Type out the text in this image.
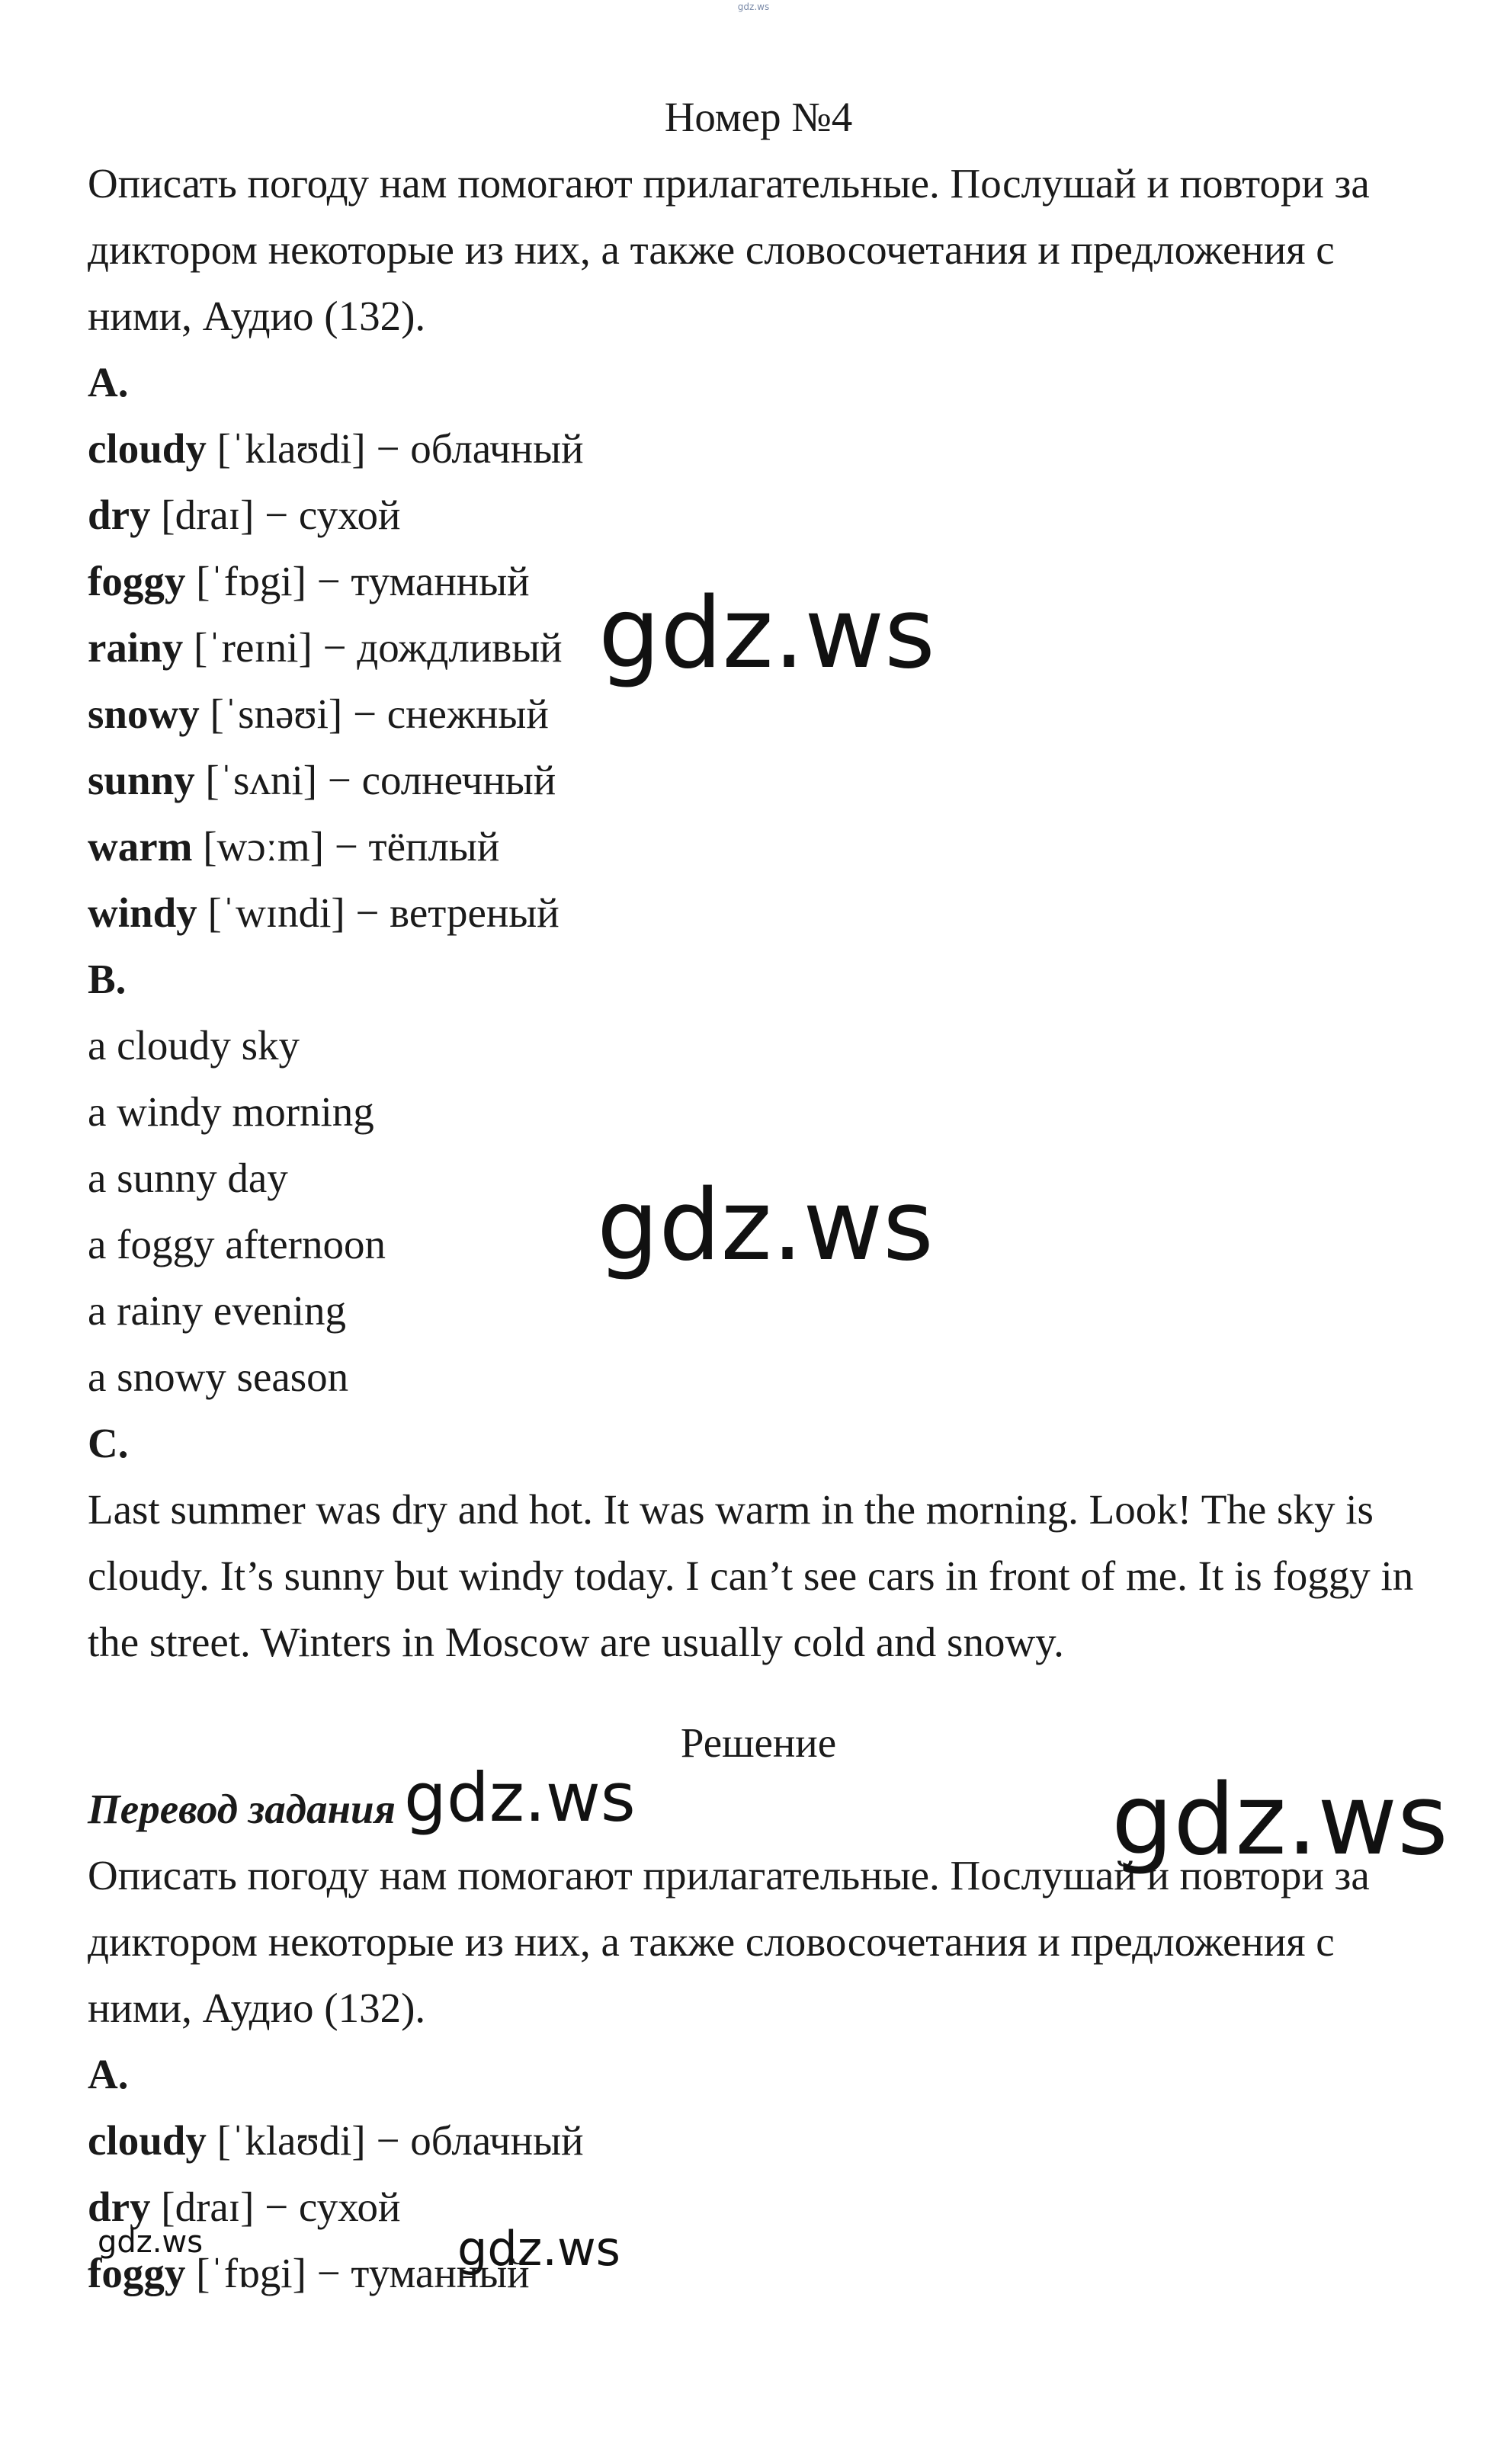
gdz.ws
Номер №4
Описать погоду нам помогают прилагательные. Послушай и повтори за диктором некоторые из них, а также словосочетания и предложения с ними, Аудио (132).
A.
cloudy [ˈklaʊdi] − облачный
dry [draɪ] − сухой
foggy [ˈfɒgi] − туманный
rainy [ˈreɪni] − дождливый
snowy [ˈsnəʊi] − снежный
sunny [ˈsʌni] − солнечный
warm [wɔːm] − тёплый
windy [ˈwɪndi] − ветреный
B.
a cloudy sky
a windy morning
a sunny day
a foggy afternoon
a rainy evening
a snowy season
C.
Last summer was dry and hot. It was warm in the morning. Look! The sky is cloudy. It’s sunny but windy today. I can’t see cars in front of me. It is foggy in the street. Winters in Moscow are usually cold and snowy.
Решение
Перевод задания
Описать погоду нам помогают прилагательные. Послушай и повтори за диктором некоторые из них, а также словосочетания и предложения с ними, Аудио (132).
A.
cloudy [ˈklaʊdi] − облачный
dry [draɪ] − сухой
foggy [ˈfɒgi] − туманный
gdz.ws
gdz.ws
gdz.ws	gdz.ws
gdz.ws
gdz.ws
